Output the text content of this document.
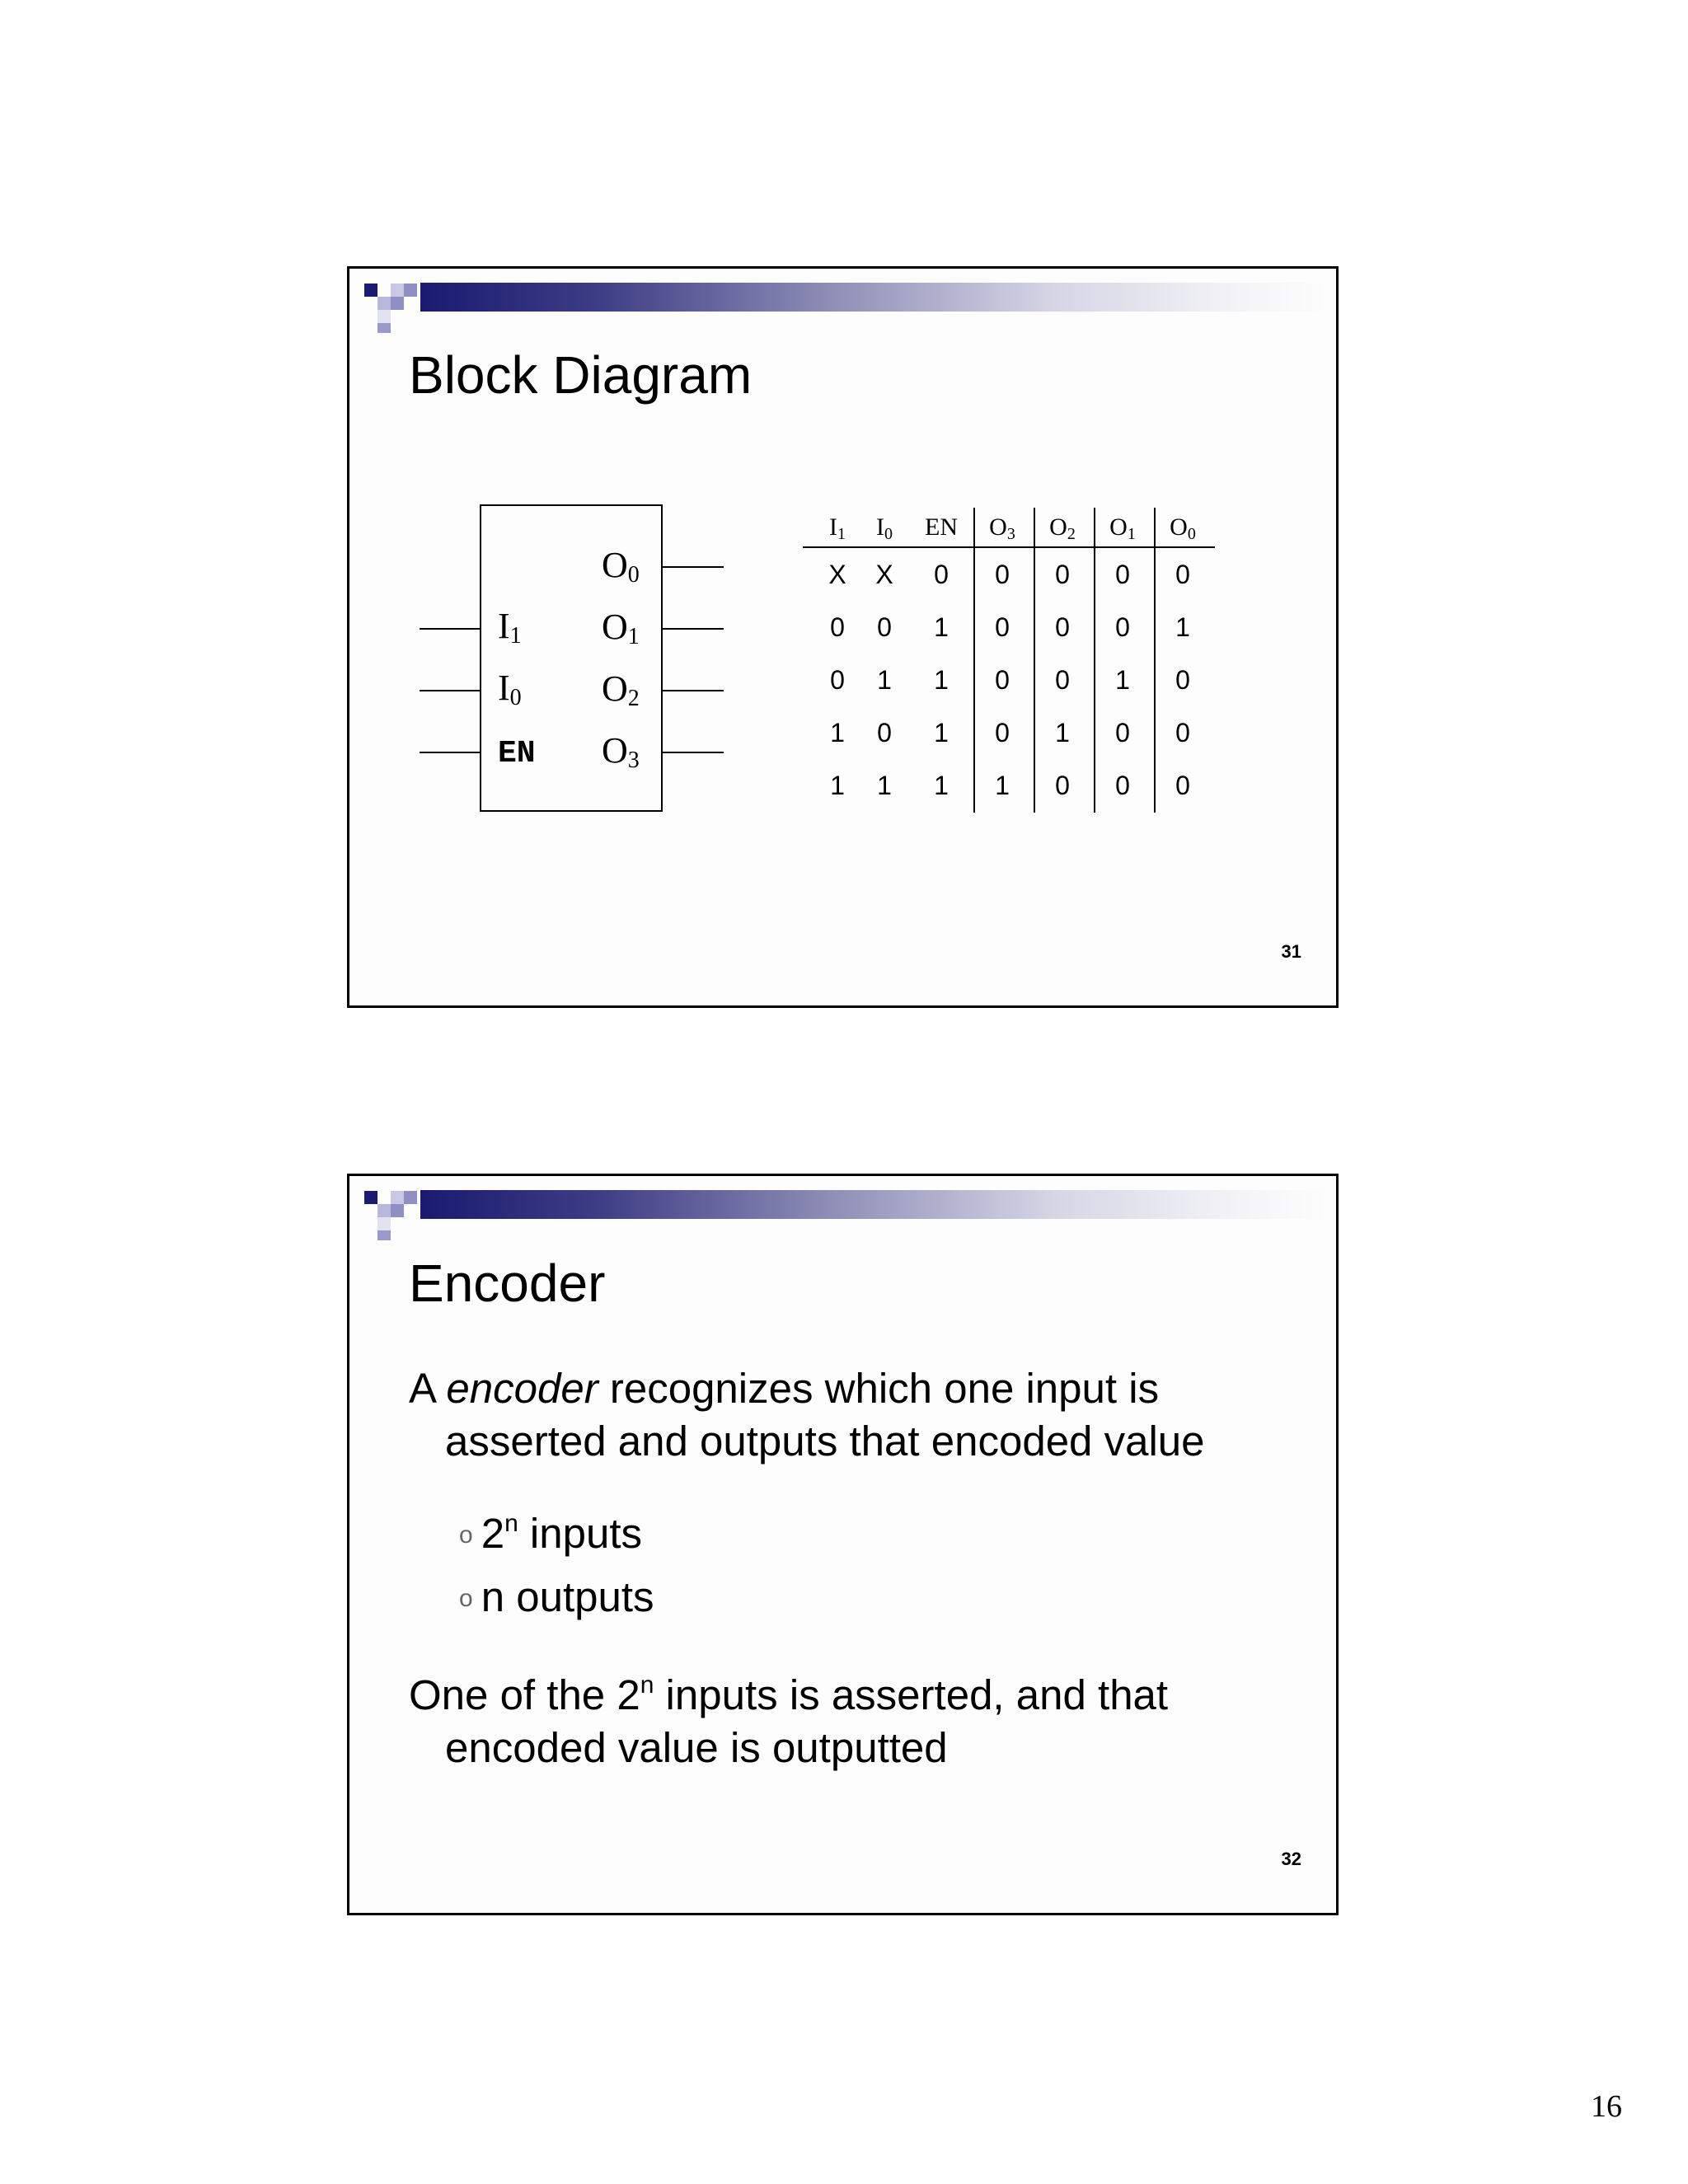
Block Diagram
$I_1$
$I_0$
EN
$O_0$
$O_1$
$O_2$
$O_3$
$I_1$ $I_0$ EN $O_3$ $O_2$ $O_1$ $O_0$
X X 0 0 0 0 0
0 0 1 0 0 0 1
0 1 1 0 0 1 0
1 0 1 0 1 0 0
1 1 1 1 0 0 0
31
Encoder
A encoder recognizes which one input is
asserted and outputs that encoded value
o 2$^n$ inputs
o n outputs
One of the 2$^n$ inputs is asserted, and that
encoded value is outputted
32
16
